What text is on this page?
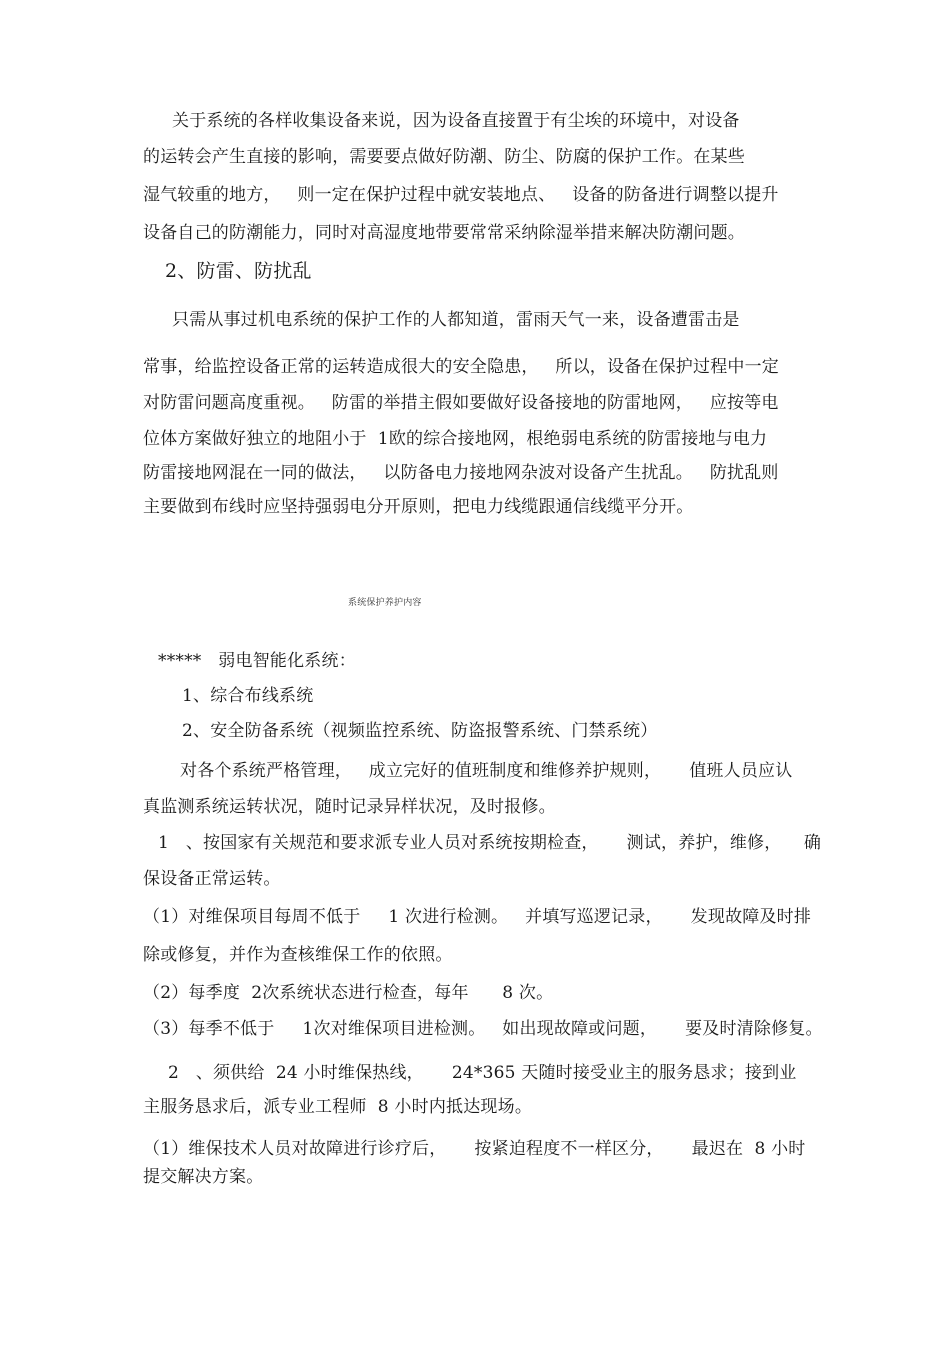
关于系统的各样收集设备来说，因为设备直接置于有尘埃的环境中，对设备
的运转会产生直接的影响，需要要点做好防潮、防尘、防腐的保护工作。在某些
湿气较重的地方，   则一定在保护过程中就安装地点、   设备的防备进行调整以提升
设备自己的防潮能力，同时对高湿度地带要常常采纳除湿举措来解决防潮问题。
2、防雷、防扰乱
只需从事过机电系统的保护工作的人都知道，雷雨天气一来，设备遭雷击是
常事，给监控设备正常的运转造成很大的安全隐患，   所以，设备在保护过程中一定
对防雷问题高度重视。   防雷的举措主假如要做好设备接地的防雷地网，   应按等电
位体方案做好独立的地阻小于  1欧的综合接地网，根绝弱电系统的防雷接地与电力
防雷接地网混在一同的做法，   以防备电力接地网杂波对设备产生扰乱。   防扰乱则
主要做到布线时应坚持强弱电分开原则，把电力线缆跟通信线缆平分开。
系统保护养护内容
*****   弱电智能化系统：
1、综合布线系统
2、安全防备系统（视频监控系统、防盗报警系统、门禁系统）
对各个系统严格管理，   成立完好的值班制度和维修养护规则，     值班人员应认
真监测系统运转状况，随时记录异样状况，及时报修。
1   、按国家有关规范和要求派专业人员对系统按期检查，     测试，养护，维修，    确
保设备正常运转。
（1）对维保项目每周不低于     1 次进行检测。   并填写巡逻记录，     发现故障及时排
除或修复，并作为查核维保工作的依照。
（2）每季度  2次系统状态进行检查，每年      8 次。
（3）每季不低于     1次对维保项目进检测。   如出现故障或问题，     要及时清除修复。
2   、须供给  24 小时维保热线，     24*365 天随时接受业主的服务恳求；接到业
主服务恳求后，派专业工程师  8 小时内抵达现场。
（1）维保技术人员对故障进行诊疗后，     按紧迫程度不一样区分，     最迟在  8 小时
提交解决方案。
